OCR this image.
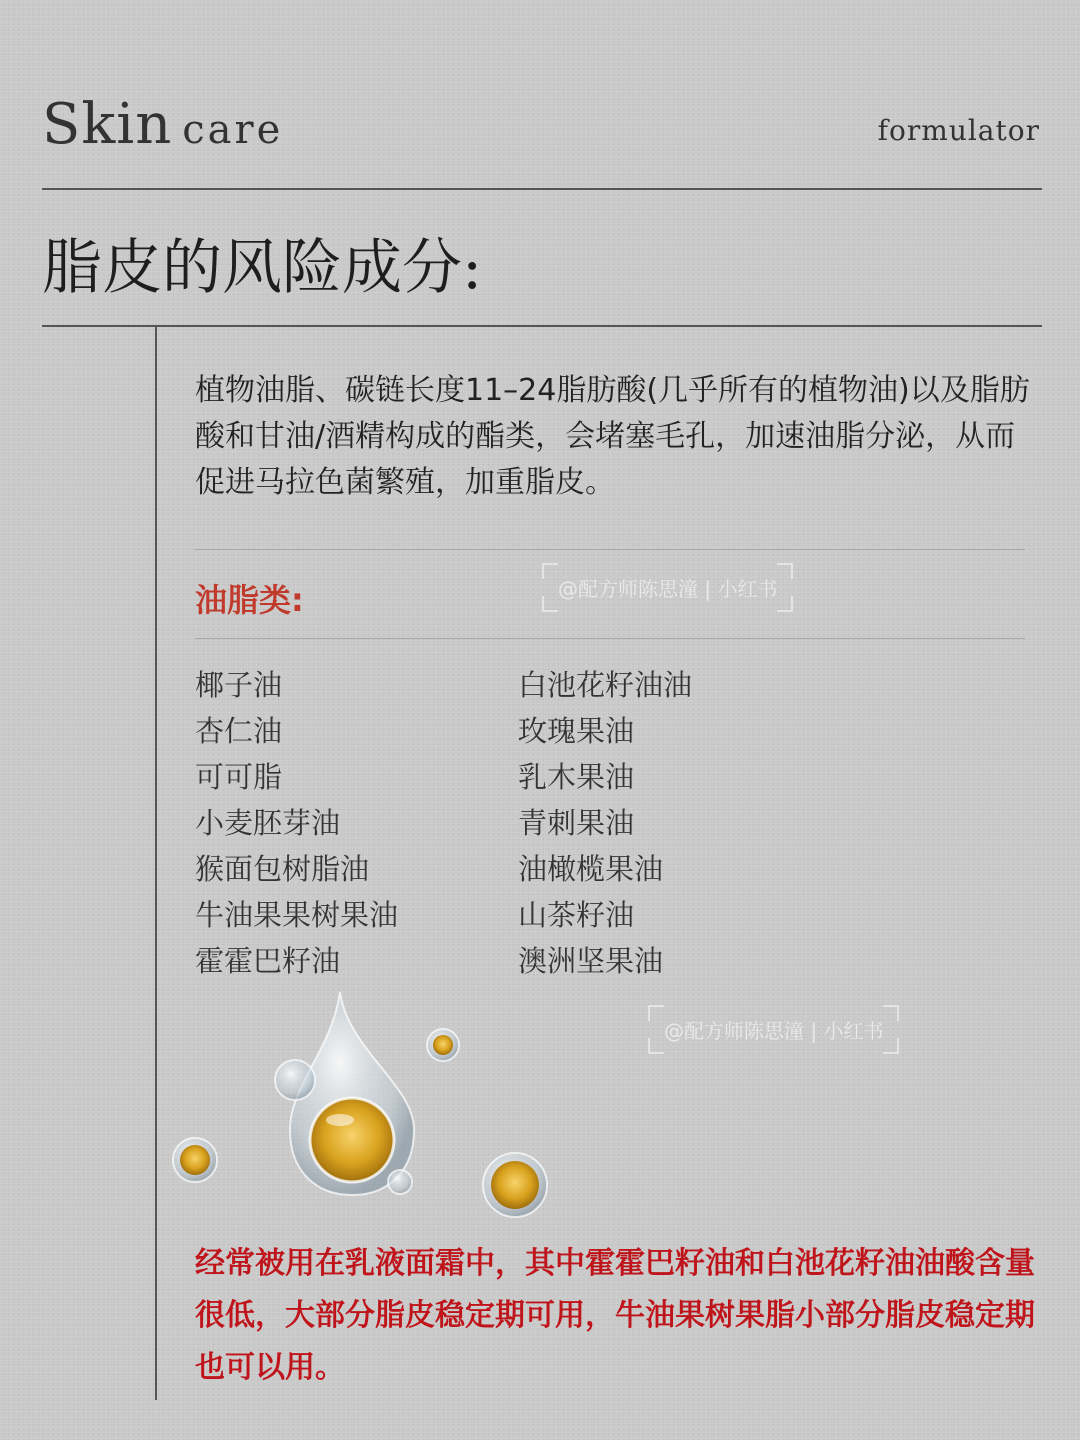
Skin care	formulator
脂皮的风险成分:
植物油脂、碳链长度11–24脂肪酸(几乎所有的植物油)以及脂肪酸和甘油/酒精构成的酯类，会堵塞毛孔，加速油脂分泌，从而促进马拉色菌繁殖，加重脂皮。
油脂类:	@配方师陈思潼 | 小红书
椰子油
杏仁油
可可脂
小麦胚芽油
猴面包树脂油
牛油果果树果油
霍霍巴籽油
白池花籽油油
玫瑰果油
乳木果油
青刺果油
油橄榄果油
山茶籽油
澳洲坚果油
@配方师陈思潼 | 小红书
经常被用在乳液面霜中，其中霍霍巴籽油和白池花籽油油酸含量很低，大部分脂皮稳定期可用，牛油果树果脂小部分脂皮稳定期也可以用。
